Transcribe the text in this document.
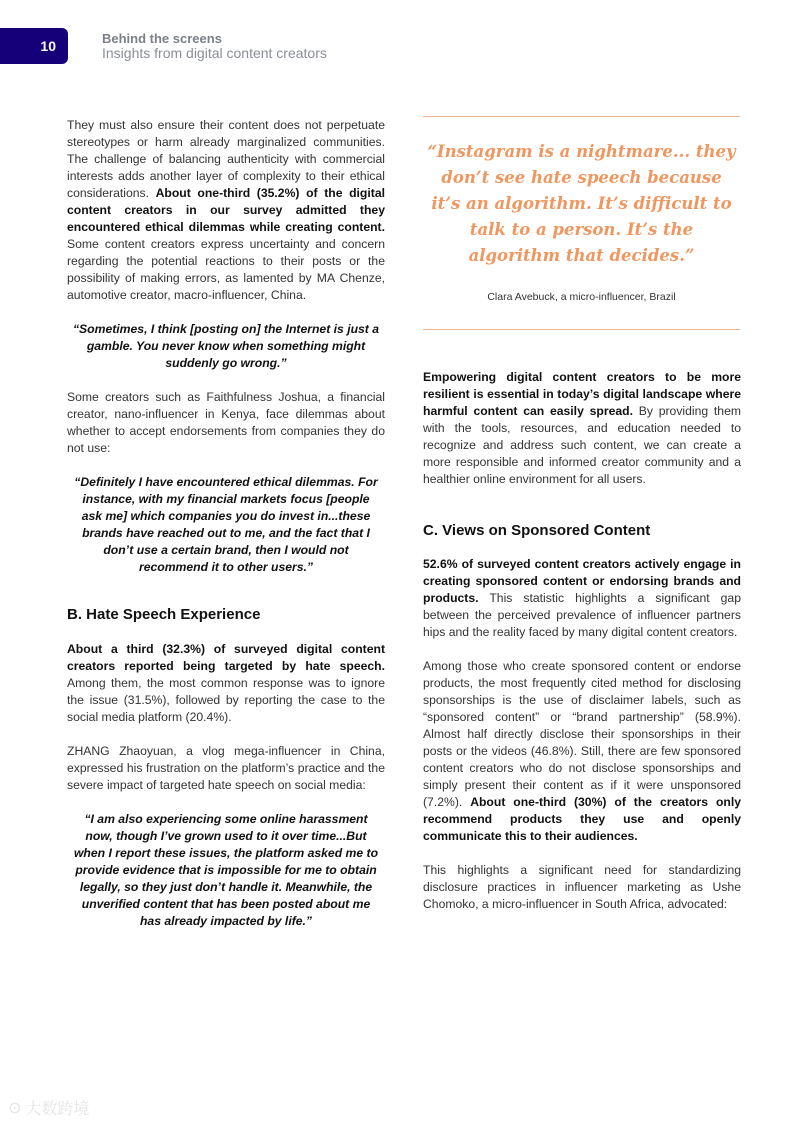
10	Behind the screens
Insights from digital content creators

They must also ensure their content does not perpetuate stereotypes or harm already marginalized communities. The challenge of balancing authenticity with commercial interests adds another layer of complexity to their ethical considerations. About one-third (35.2%) of the digital content creators in our survey admitted they encountered ethical dilemmas while creating content. Some content creators express uncertainty and concern regarding the potential reactions to their posts or the possibility of making errors, as lamented by MA Chenze, automotive creator, macro-influencer, China.

“Sometimes, I think [posting on] the Internet is just a gamble. You never know when something might suddenly go wrong.”

Some creators such as Faithfulness Joshua, a financial creator, nano-influencer in Kenya, face dilemmas about whether to accept endorsements from companies they do not use:

“Definitely I have encountered ethical dilemmas. For instance, with my financial markets focus [people ask me] which companies you do invest in...these brands have reached out to me, and the fact that I don’t use a certain brand, then I would not recommend it to other users.”

B. Hate Speech Experience

About a third (32.3%) of surveyed digital content creators reported being targeted by hate speech. Among them, the most common response was to ignore the issue (31.5%), followed by reporting the case to the social media platform (20.4%).

ZHANG Zhaoyuan, a vlog mega-influencer in China, expressed his frustration on the platform’s practice and the severe impact of targeted hate speech on social media:

“I am also experiencing some online harassment now, though I’ve grown used to it over time...But when I report these issues, the platform asked me to provide evidence that is impossible for me to obtain legally, so they just don’t handle it. Meanwhile, the unverified content that has been posted about me has already impacted by life.”

“Instagram is a nightmare... they don’t see hate speech because it’s an algorithm. It’s difficult to talk to a person. It’s the algorithm that decides.”
Clara Avebuck, a micro-influencer, Brazil

Empowering digital content creators to be more resilient is essential in today’s digital landscape where harmful content can easily spread. By providing them with the tools, resources, and education needed to recognize and address such content, we can create a more responsible and informed creator community and a healthier online environment for all users.

C. Views on Sponsored Content

52.6% of surveyed content creators actively engage in creating sponsored content or endorsing brands and products. This statistic highlights a significant gap between the perceived prevalence of influencer partners hips and the reality faced by many digital content creators.

Among those who create sponsored content or endorse products, the most frequently cited method for disclosing sponsorships is the use of disclaimer labels, such as “sponsored content” or “brand partnership” (58.9%). Almost half directly disclose their sponsorships in their posts or the videos (46.8%). Still, there are few sponsored content creators who do not disclose sponsorships and simply present their content as if it were unsponsored (7.2%). About one-third (30%) of the creators only recommend products they use and openly communicate this to their audiences.

This highlights a significant need for standardizing disclosure practices in influencer marketing as Ushe Chomoko, a micro-influencer in South Africa, advocated:

⊙ 大数跨境
